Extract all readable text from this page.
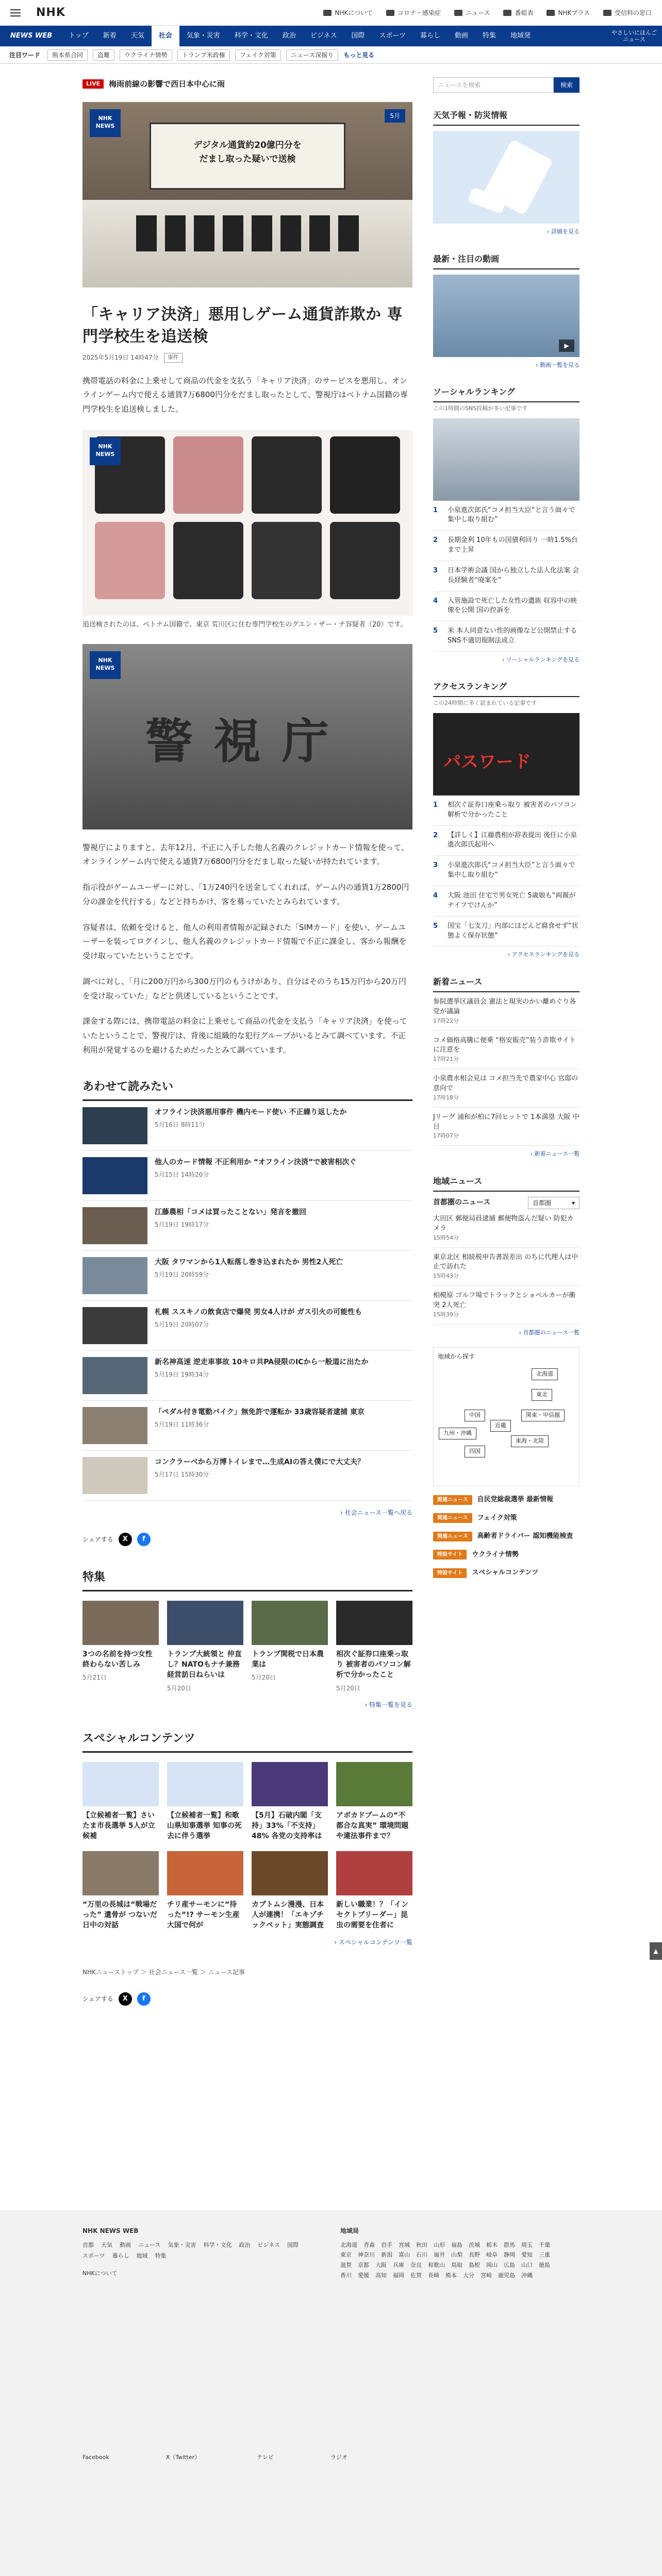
NHK	NHKについて	コロナ・感染症	ニュース	番組表	NHKプラス	受信料の窓口
NEWS WEB	トップ	新着	天気	社会	気象・災害	科学・文化	政治	ビジネス	国際	スポーツ	暮らし	動画	特集	地域発	やさしいにほんご
ニュース
注目ワード	熊本県合同	盗難	ウクライナ情勢	トランプ米政権	フェイク対策	ニュース深掘り	もっと見る
LIVE	梅雨前線の影響で西日本中心に雨
デジタル通貨約20億円分を
だまし取った疑いで送検
NHK
NEWS
5月
「キャリア決済」悪用しゲーム通貨詐欺か 専門学校生を追送検
2025年5月19日 14時47分	事件

携帯電話の料金に上乗せして商品の代金を支払う「キャリア決済」のサービスを悪用し、オンラインゲーム内で使える通貨7万6800円分をだまし取ったとして、警視庁はベトナム国籍の専門学校生を追送検しました。

NHK
NEWS

追送検されたのは、ベトナム国籍で、東京 荒川区に住む専門学校生のグエン・ザー・チ容疑者（20）です。

警視庁
NHK
NEWS

警視庁によりますと、去年12月、不正に入手した他人名義のクレジットカード情報を使って、オンラインゲーム内で使える通貨7万6800円分をだまし取った疑いが持たれています。

指示役がゲームユーザーに対し、「1万240円を送金してくれれば、ゲーム内の通貨1万2800円分の課金を代行する」などと持ちかけ、客を募っていたとみられています。

容疑者は、依頼を受けると、他人の利用者情報が記録された「SIMカード」を使い、ゲームユーザーを装ってログインし、他人名義のクレジットカード情報で不正に課金し、客から報酬を受け取っていたということです。

調べに対し、「月に200万円から300万円のもうけがあり、自分はそのうち15万円から20万円を受け取っていた」などと供述しているということです。

課金する際には、携帯電話の料金に上乗せして商品の代金を支払う「キャリア決済」を使っていたということで、警視庁は、背後に組織的な犯行グループがいるとみて調べています。不正利用が発覚するのを避けるためだったとみて調べています。

あわせて読みたい
オフライン決済悪用事件 機内モード使い 不正繰り返したか
5月16日 8時11分
他人のカード情報 不正利用か “オフライン決済”で被害相次ぐ
5月15日 14時20分
江藤農相「コメは買ったことない」発言を撤回
5月19日 19時17分
大阪 タワマンから1人転落し巻き込まれたか 男性2人死亡
5月19日 20時59分
札幌 ススキノの飲食店で爆発 男女4人けが ガス引火の可能性も
5月19日 20時07分
新名神高速 逆走車事故 10キロ共PA侵限のICから一般道に出たか
5月19日 19時34分
「ペダル付き電動バイク」無免許で運転か 33歳容疑者逮捕 東京
5月19日 11時36分
コンクラーベから万博トイレまで…生成AIの答え僕にで大丈夫？
5月17日 15時30分
› 社会ニュース一覧へ戻る
シェアする	X	f
特集
3つの名前を持つ女性 終わらない苦しみ
5月21日
トランプ大統領と 仲直し？NATOもナチ兼務経営訪日ねらいは
5月20日
トランプ関税で日本農業は
5月20日
相次ぐ証券口座乗っ取り 被害者のパソコン解析で分かったこと
5月20日
› 特集一覧を見る
スペシャルコンテンツ
【立候補者一覧】さいたま市長選挙 5人が立候補
【立候補者一覧】和歌山県知事選挙 知事の死去に伴う選挙
【5月】石破内閣「支持」33%「不支持」48% 各党の支持率は
アボカドブームの“不都合な真実” 環境問題や違法事件まで？
“万里の長城は“戦場だった” 遺骨が つないだ日中の対話
チリ産サーモンに“待った”!? サーモン生産大国で何が
カブトムシ漫漫、日本人が連携！「エキゾチックペット」実態調査
新しい職業！？「インセクトブリーダー」昆虫の需要を住者に
› スペシャルコンテンツ一覧
NHKニューストップ ＞ 社会ニュース一覧 ＞ ニュース記事
シェアする	X	f
ニュースを検索	検索
天気予報・防災情報
› 詳細を見る
最新・注目の動画
▶
› 動画一覧を見る
ソーシャルランキング
この1時間のSNS投稿が多い記事です
1	小泉進次郎氏“コメ担当大臣”と言う面々で集中し取り組む”
2	長期金利 10年もの国債利回り 一時1.5%台まで上昇
3	日本学術会議 国から独立した法人化法案 会長経験者“廃案を”
4	入管施設で死亡した女性の遺族 収容中の映像を公開 国の控訴を
5	米 本人同意ない性的画像など公開禁止するSNS不適切規制法成立
› ソーシャルランキングを見る
アクセスランキング
この24時間に多く読まれている記事です
パスワード
1	相次ぐ証券口座乗っ取り 被害者のパソコン解析で分かったこと
2	【詳しく】江藤農相が辞表提出 後任に小泉進次郎氏起用へ
3	小泉進次郎氏“コメ担当大臣”と言う面々で集中し取り組む”
4	大阪 池田 住宅で男女死亡 5歳娘も“両親がナイフでけんか”
5	国宝「七支刀」内部にほどんど腐食せず“状態よく保存状態”
› アクセスランキングを見る
新着ニュース
参院選挙区議員会 憲法と現実のかい離めぐり各党が議論
17時22分
コメ価格高騰に便乗 “格安販売”装う詐欺サイトに注意を
17時21分
小泉農水相会見は コメ担当先で農家中心 官邸の意向で
17時18分
Jリーグ 浦和が柏に7回ヒットで 1本満塁 大阪 中日
17時07分
› 新着ニュース一覧
地域ニュース
首都圏のニュース	首都圏	▾
大田区 郵便局員逮捕 郵便物盗んだ疑い 防犯カメラ
15時54分
東京北区 相続税申告書誤差出 のちに代理人は中止で訪れた
15時43分
相模原 ゴルフ場でトラックとショベルカーが衝突 2人死亡
15時39分
› 首都圏のニュース一覧
地域から探す
北海道
東北
関東・甲信越
東海・北陸
近畿
中国
四国
九州・沖縄
関連ニュース	自民党総裁選挙 最新情報
関連ニュース	フェイク対策
関連ニュース	高齢者ドライバー 認知機能検査
特設サイト	ウクライナ情勢
特設サイト	スペシャルコンテンツ
▲
NHK NEWS WEB
首都 天気 動画 ニュース 気象・災害 科学・文化 政治 ビジネス 国際
スポーツ 暮らし 地域 特集
NHKについて
地域局
北海道 青森 岩手 宮城 秋田 山形 福島 茨城 栃木 群馬 埼玉 千葉
東京 神奈川 新潟 富山 石川 福井 山梨 長野 岐阜 静岡 愛知 三重
滋賀 京都 大阪 兵庫 奈良 和歌山 鳥取 島根 岡山 広島 山口 徳島
香川 愛媛 高知 福岡 佐賀 長崎 熊本 大分 宮崎 鹿児島 沖縄
Facebook	X（Twitter）	テレビ	ラジオ
